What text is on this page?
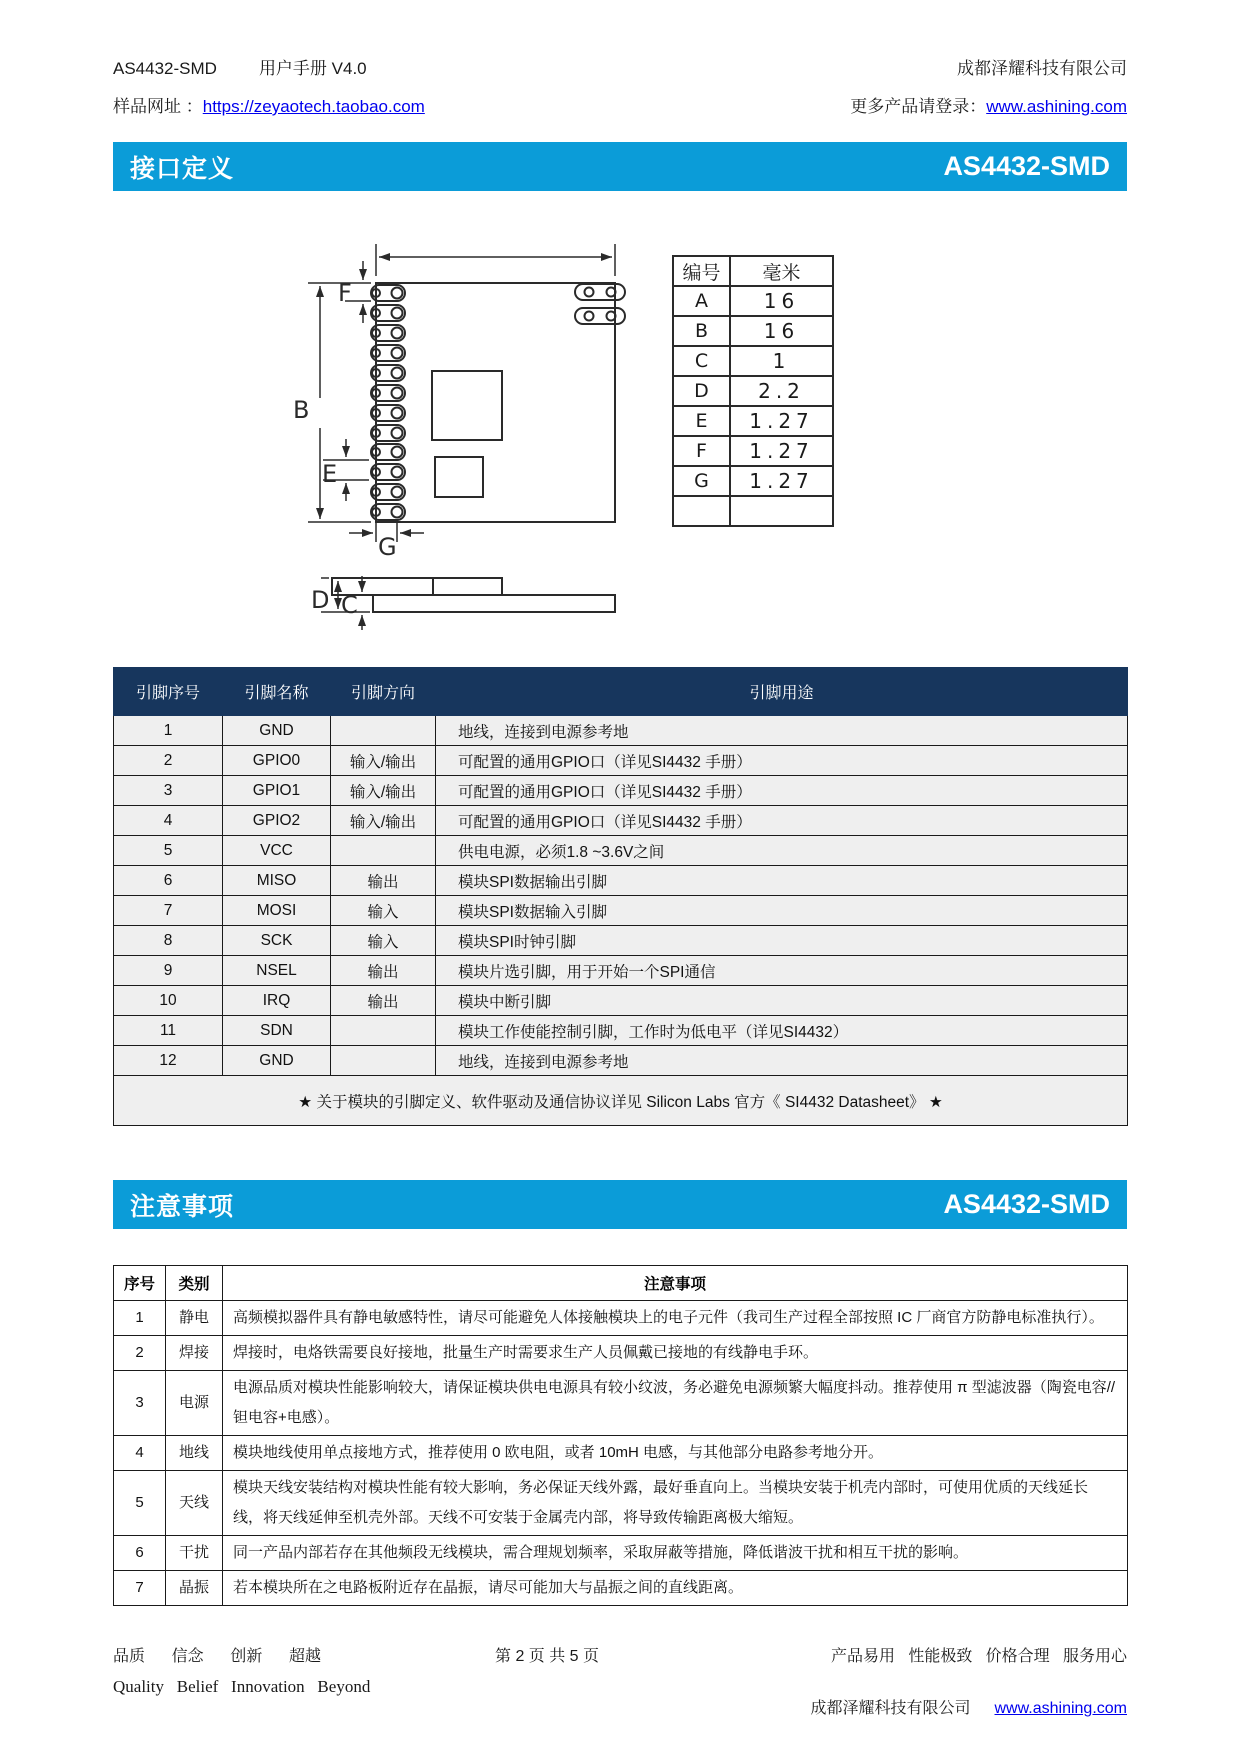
AS4432-SMD 用户手册 V4.0	成都泽耀科技有限公司
样品网址 ：https://zeyaotech.taobao.com	更多产品请登录：www.ashining.com
接口定义	AS4432-SMD
B
F
E
G
D C
编号	毫米
A	16
B	16
C	1
D	2.2
E	1.27
F	1.27
G	1.27

引脚序号	引脚名称	引脚方向	引脚用途
1	GND		地线，连接到电源参考地
2	GPIO0	输入/输出	可配置的通用GPIO口（详见SI4432 手册）
3	GPIO1	输入/输出	可配置的通用GPIO口（详见SI4432 手册）
4	GPIO2	输入/输出	可配置的通用GPIO口（详见SI4432 手册）
5	VCC		供电电源，必须1.8 ~3.6V之间
6	MISO	输出	模块SPI数据输出引脚
7	MOSI	输入	模块SPI数据输入引脚
8	SCK	输入	模块SPI时钟引脚
9	NSEL	输出	模块片选引脚，用于开始一个SPI通信
10	IRQ	输出	模块中断引脚
11	SDN		模块工作使能控制引脚，工作时为低电平（详见SI4432）
12	GND		地线，连接到电源参考地
★ 关于模块的引脚定义、软件驱动及通信协议详见 Silicon Labs 官方《 SI4432 Datasheet》 ★			
注意事项	AS4432-SMD
序号	类别	注意事项
1	静电	高频模拟器件具有静电敏感特性，请尽可能避免人体接触模块上的电子元件（我司生产过程全部按照 IC 厂商官方防静电标准执行）。
2	焊接	焊接时，电烙铁需要良好接地，批量生产时需要求生产人员佩戴已接地的有线静电手环。
3	电源	电源品质对模块性能影响较大，请保证模块供电电源具有较小纹波，务必避免电源频繁大幅度抖动。推荐使用 π 型滤波器（陶瓷电容//钽电容+电感）。
4	地线	模块地线使用单点接地方式，推荐使用 0 欧电阻，或者 10mH 电感，与其他部分电路参考地分开。
5	天线	模块天线安装结构对模块性能有较大影响，务必保证天线外露，最好垂直向上。当模块安装于机壳内部时，可使用优质的天线延长线，将天线延伸至机壳外部。天线不可安装于金属壳内部，将导致传输距离极大缩短。
6	干扰	同一产品内部若存在其他频段无线模块，需合理规划频率，采取屏蔽等措施，降低谐波干扰和相互干扰的影响。
7	晶振	若本模块所在之电路板附近存在晶振，请尽可能加大与晶振之间的直线距离。
品质      信念      创新      超越
Quality   Belief   Innovation   Beyond
第 2 页 共 5 页	产品易用   性能极致   价格合理   服务用心

成都泽耀科技有限公司 www.ashining.com
